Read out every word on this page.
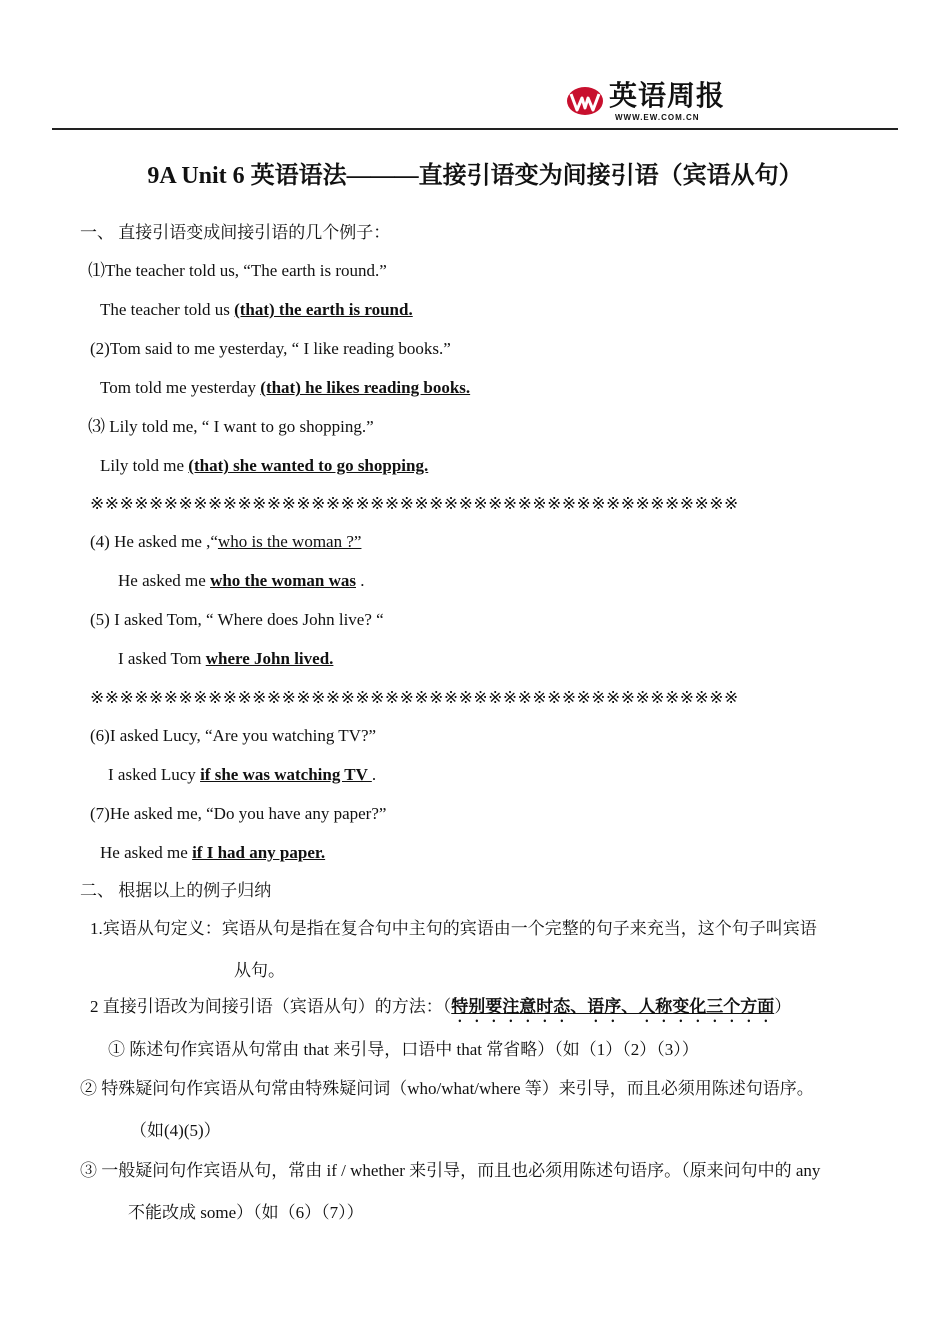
英语周报
WWW.EW.COM.CN
9A Unit 6 英语语法———直接引语变为间接引语（宾语从句）
一、 直接引语变成间接引语的几个例子：
⑴The teacher told us, “The earth is round.”
The teacher told us (that) the earth is round.
(2)Tom said to me yesterday, “ I like reading books.”
Tom told me yesterday (that) he likes reading books.
⑶ Lily told me, “ I want to go shopping.”
Lily told me (that) she wanted to go shopping.
※※※※※※※※※※※※※※※※※※※※※※※※※※※※※※※※※※※※※※※※※※※※
(4) He asked me ,“who is the woman ?”
He asked me who the woman was .
(5) I asked Tom, “ Where does John live? “
I asked Tom where John lived.
※※※※※※※※※※※※※※※※※※※※※※※※※※※※※※※※※※※※※※※※※※※※
(6)I asked Lucy, “Are you watching TV?”
I asked Lucy if she was watching TV .
(7)He asked me, “Do you have any paper?”
He asked me if I had any paper.
二、 根据以上的例子归纳
1.宾语从句定义：宾语从句是指在复合句中主句的宾语由一个完整的句子来充当，这个句子叫宾语
从句。
2 直接引语改为间接引语（宾语从句）的方法：（特别要注意时态、语序、人称变化三个方面）
① 陈述句作宾语从句常由 that 来引导，口语中 that 常省略）（如（1）（2）（3））
② 特殊疑问句作宾语从句常由特殊疑问词（who/what/where 等）来引导，而且必须用陈述句语序。
（如(4)(5)）
③ 一般疑问句作宾语从句，常由 if / whether 来引导，而且也必须用陈述句语序。（原来问句中的 any
不能改成 some）（如（6）（7））
